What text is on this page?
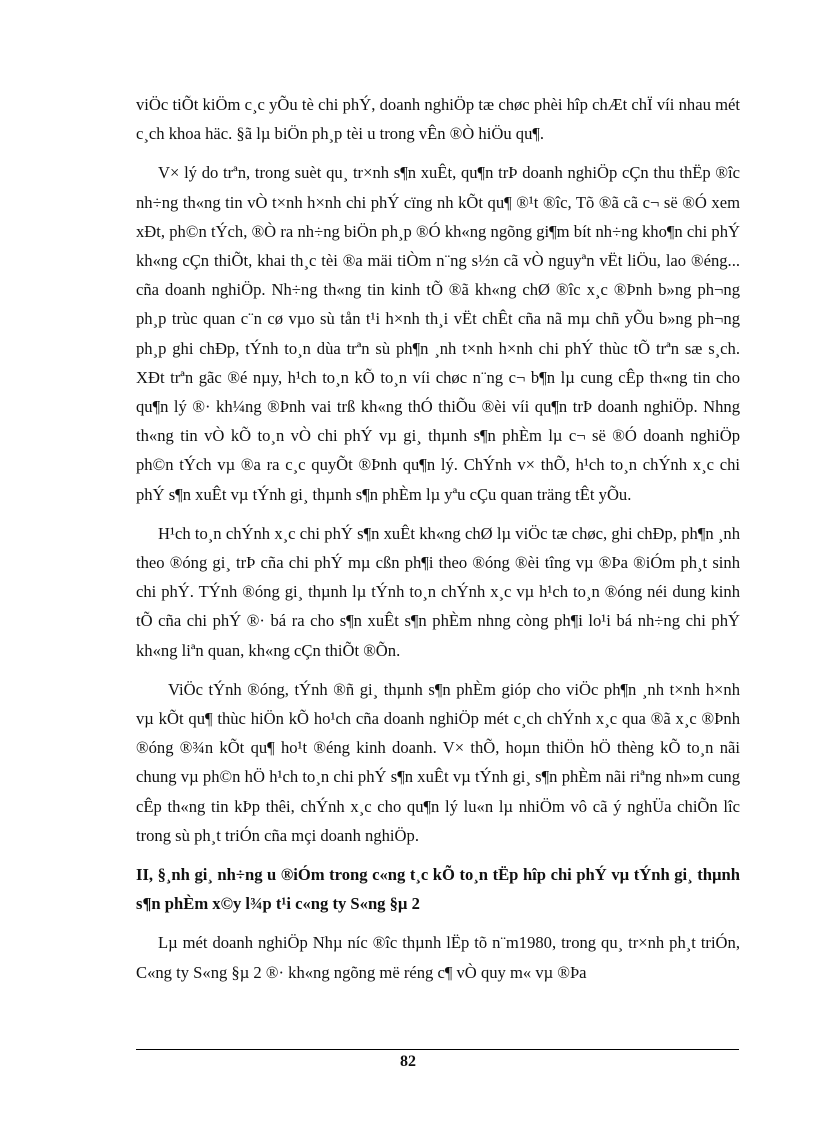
viÖc tiÕt kiÖm c¸c yÕu tè chi phÝ, doanh nghiÖp tæ chøc phèi hîp chÆt chÏ víi nhau mét c¸ch khoa häc. §ã lµ biÖn ph¸p tèi u trong vÊn ®Ò hiÖu qu¶.

V× lý do trªn, trong suèt qu¸ tr×nh s¶n xuÊt, qu¶n trÞ doanh nghiÖp cÇn thu thËp ®îc nh÷ng th«ng tin vÒ t×nh h×nh chi phÝ cïng nh kÕt qu¶ ®¹t ®îc, Tõ ®ã cã c¬ së ®Ó xem xÐt, ph©n tÝch, ®Ò ra nh÷ng biÖn ph¸p ®Ó kh«ng ngõng gi¶m bít nh÷ng kho¶n chi phÝ kh«ng cÇn thiÕt, khai th¸c tèi ®a mäi tiÒm n¨ng s½n cã vÒ nguyªn vËt liÖu, lao ®éng... cña doanh nghiÖp. Nh÷ng th«ng tin kinh tÕ ®ã kh«ng chØ ®îc x¸c ®Þnh b»ng ph¬ng ph¸p trùc quan c¨n cø vµo sù tån t¹i h×nh th¸i vËt chÊt cña nã mµ chñ yÕu b»ng ph¬ng ph¸p ghi chÐp, tÝnh to¸n dùa trªn sù ph¶n ¸nh t×nh h×nh chi phÝ thùc tÕ trªn sæ s¸ch. XÐt trªn gãc ®é nµy, h¹ch to¸n kÕ to¸n víi chøc n¨ng c¬ b¶n lµ cung cÊp th«ng tin cho qu¶n lý ®· kh¼ng ®Þnh vai trß kh«ng thÓ thiÕu ®èi víi qu¶n trÞ doanh nghiÖp. Nhng th«ng tin vÒ kÕ to¸n vÒ chi phÝ vµ gi¸ thµnh s¶n phÈm lµ c¬ së ®Ó doanh nghiÖp ph©n tÝch vµ ®a ra c¸c quyÕt ®Þnh qu¶n lý. ChÝnh v× thÕ, h¹ch to¸n chÝnh x¸c chi phÝ s¶n xuÊt vµ tÝnh gi¸ thµnh s¶n phÈm lµ yªu cÇu quan träng tÊt yÕu.

H¹ch to¸n chÝnh x¸c chi phÝ s¶n xuÊt kh«ng chØ lµ viÖc tæ chøc, ghi chÐp, ph¶n ¸nh theo ®óng gi¸ trÞ cña chi phÝ mµ cßn ph¶i theo ®óng ®èi tîng vµ ®Þa ®iÓm ph¸t sinh chi phÝ. TÝnh ®óng gi¸ thµnh lµ tÝnh to¸n chÝnh x¸c vµ h¹ch to¸n ®óng néi dung kinh tÕ cña chi phÝ ®· bá ra cho s¶n xuÊt s¶n phÈm nhng còng ph¶i lo¹i bá nh÷ng chi phÝ kh«ng liªn quan, kh«ng cÇn thiÕt ®Õn.

ViÖc tÝnh ®óng, tÝnh ®ñ gi¸ thµnh s¶n phÈm gióp cho viÖc ph¶n ¸nh t×nh h×nh vµ kÕt qu¶ thùc hiÖn kÕ ho¹ch cña doanh nghiÖp mét c¸ch chÝnh x¸c qua ®ã x¸c ®Þnh ®óng ®¾n kÕt qu¶ ho¹t ®éng kinh doanh. V× thÕ, hoµn thiÖn hÖ thèng kÕ to¸n nãi chung vµ ph©n hÖ h¹ch to¸n chi phÝ s¶n xuÊt vµ tÝnh gi¸ s¶n phÈm nãi riªng nh»m cung cÊp th«ng tin kÞp thêi, chÝnh x¸c cho qu¶n lý lu«n lµ nhiÖm vô cã ý nghÜa chiÕn lîc trong sù ph¸t triÓn cña mçi doanh nghiÖp.

II, §¸nh gi¸ nh÷ng u ®iÓm trong c«ng t¸c kÕ to¸n tËp hîp chi phÝ vµ tÝnh gi¸ thµnh s¶n phÈm x©y l¾p t¹i c«ng ty S«ng §µ 2

Lµ mét doanh nghiÖp Nhµ níc ®îc thµnh lËp tõ n¨m1980, trong qu¸ tr×nh ph¸t triÓn, C«ng ty S«ng §µ 2 ®· kh«ng ngõng më réng c¶ vÒ quy m« vµ ®Þa

82
